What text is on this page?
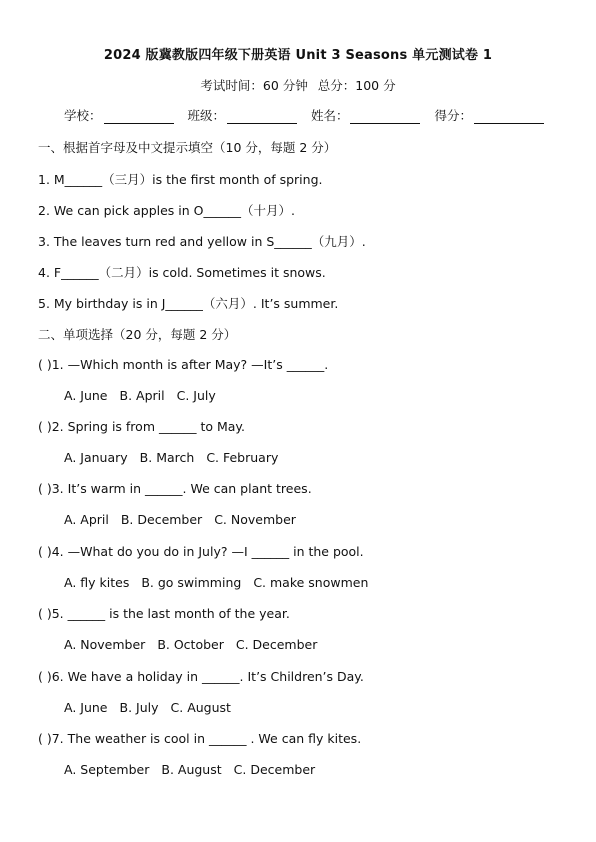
2024 版冀教版四年级下册英语 Unit 3 Seasons 单元测试卷 1
考试时间：60 分钟 总分：100 分
学校：	班级：	姓名：	得分：
一、根据首字母及中文提示填空（10 分，每题 2 分）
1. M______（三月）is the first month of spring.
2. We can pick apples in O______（十月）.
3. The leaves turn red and yellow in S______（九月）.
4. F______（二月）is cold. Sometimes it snows.
5. My birthday is in J______（六月）. It’s summer.
二、单项选择（20 分，每题 2 分）
( )1. —Which month is after May? —It’s ______.
A. June B. April C. July
( )2. Spring is from ______ to May.
A. January B. March C. February
( )3. It’s warm in ______. We can plant trees.
A. April B. December C. November
( )4. —What do you do in July? —I ______ in the pool.
A. fly kites B. go swimming C. make snowmen
( )5. ______ is the last month of the year.
A. November B. October C. December
( )6. We have a holiday in ______. It’s Children’s Day.
A. June B. July C. August
( )7. The weather is cool in ______ . We can fly kites.
A. September B. August C. December
